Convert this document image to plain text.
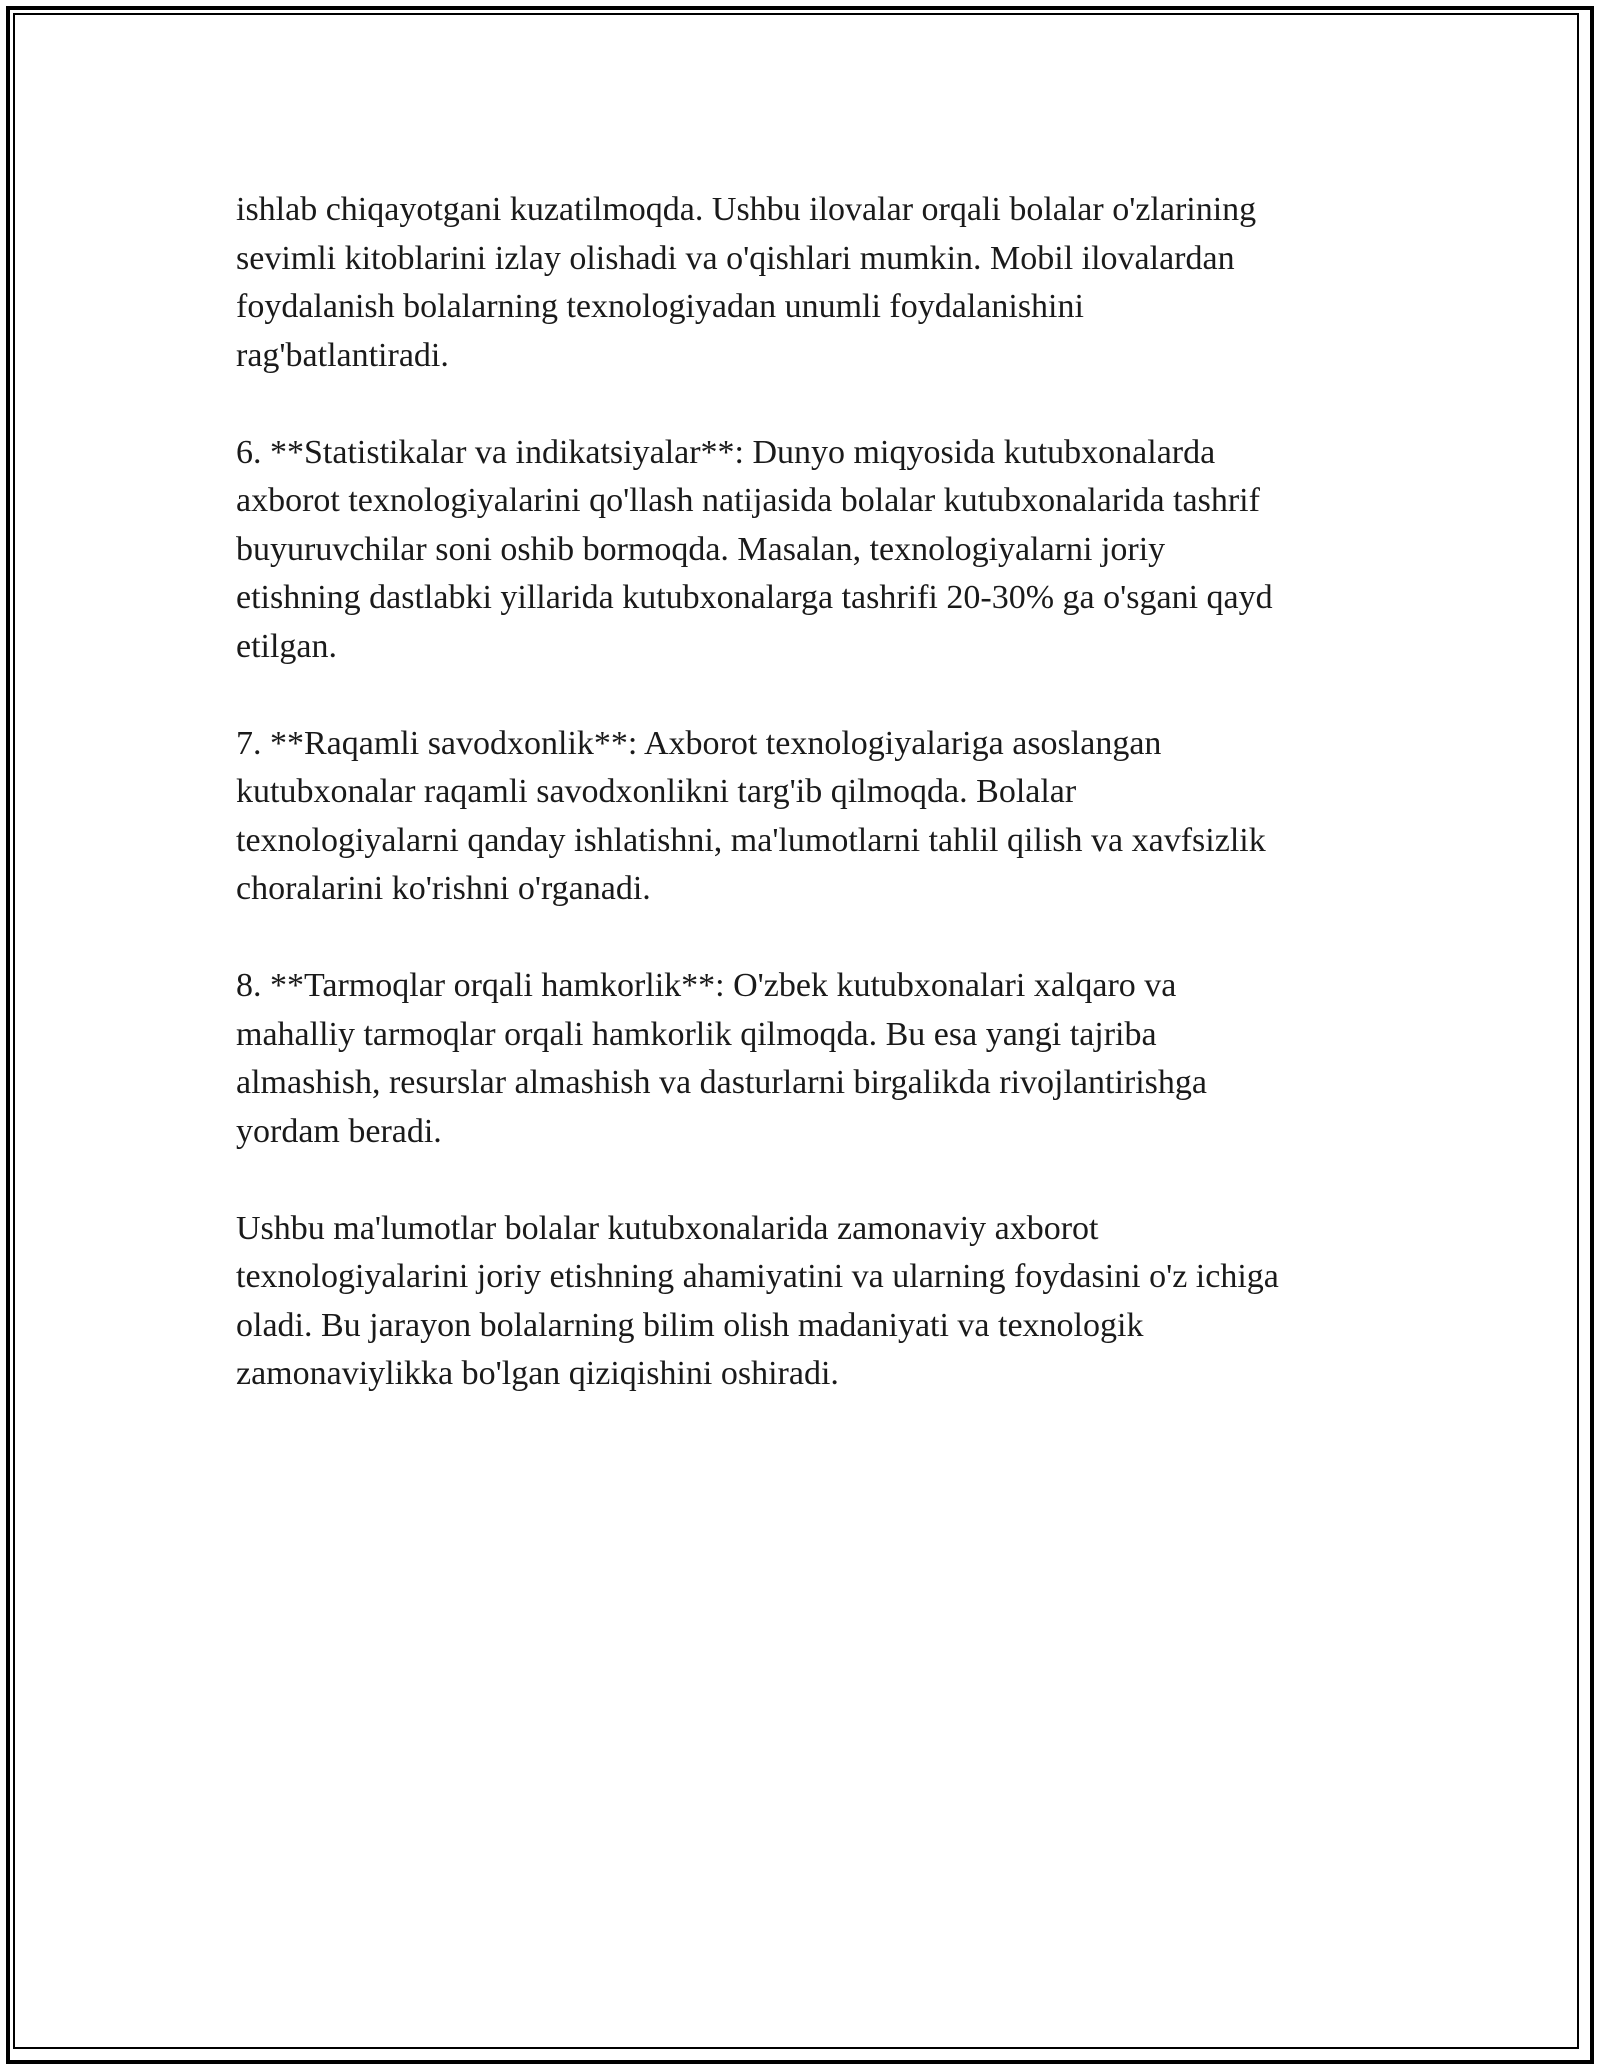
ishlab chiqayotgani kuzatilmoqda. Ushbu ilovalar orqali bolalar o'zlarining
sevimli kitoblarini izlay olishadi va o'qishlari mumkin. Mobil ilovalardan
foydalanish bolalarning texnologiyadan unumli foydalanishini
rag'batlantiradi.

6. **Statistikalar va indikatsiyalar**: Dunyo miqyosida kutubxonalarda
axborot texnologiyalarini qo'llash natijasida bolalar kutubxonalarida tashrif
buyuruvchilar soni oshib bormoqda. Masalan, texnologiyalarni joriy
etishning dastlabki yillarida kutubxonalarga tashrifi 20-30% ga o'sgani qayd
etilgan.

7. **Raqamli savodxonlik**: Axborot texnologiyalariga asoslangan
kutubxonalar raqamli savodxonlikni targ'ib qilmoqda. Bolalar
texnologiyalarni qanday ishlatishni, ma'lumotlarni tahlil qilish va xavfsizlik
choralarini ko'rishni o'rganadi.

8. **Tarmoqlar orqali hamkorlik**: O'zbek kutubxonalari xalqaro va
mahalliy tarmoqlar orqali hamkorlik qilmoqda. Bu esa yangi tajriba
almashish, resurslar almashish va dasturlarni birgalikda rivojlantirishga
yordam beradi.

Ushbu ma'lumotlar bolalar kutubxonalarida zamonaviy axborot
texnologiyalarini joriy etishning ahamiyatini va ularning foydasini o'z ichiga
oladi. Bu jarayon bolalarning bilim olish madaniyati va texnologik
zamonaviylikka bo'lgan qiziqishini oshiradi.
